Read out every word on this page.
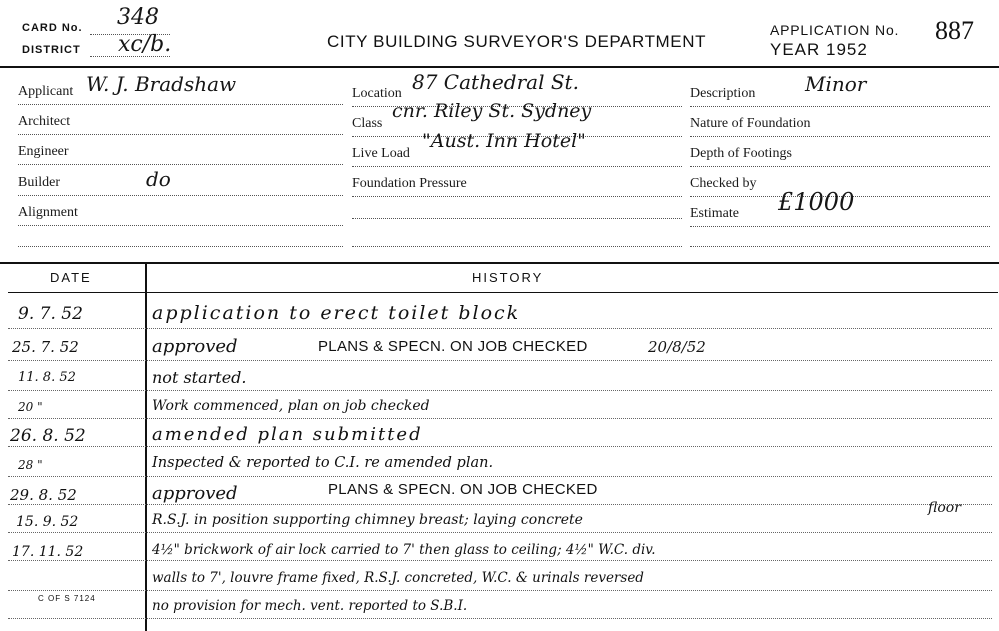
CARD No. 348
DISTRICT xc/b.	CITY BUILDING SURVEYOR'S DEPARTMENT
APPLICATION No.
YEAR 1952
887
Applicant W. J. Bradshaw
Architect
Engineer
Builder	do
Alignment
Location 87 Cathedral St.
Class
cnr. Riley St. Sydney
Live Load
"Aust. Inn Hotel"
Foundation Pressure
Description Minor
Nature of Foundation
Depth of Footings
Checked by
Estimate £1000
DATE	HISTORY
9. 7. 52	application to erect toilet block
25. 7. 52	approved	PLANS & SPECN. ON JOB CHECKED	20/8/52
11. 8. 52	not started.
20 "	Work commenced, plan on job checked
26. 8. 52	amended plan submitted
28 "	Inspected & reported to C.I. re amended plan.
29. 8. 52	approved	PLANS & SPECN. ON JOB CHECKED
floor
15. 9. 52	R.S.J. in position supporting chimney breast; laying concrete
17. 11. 52	4½" brickwork of air lock carried to 7' then glass to ceiling; 4½" W.C. div.
walls to 7', louvre frame fixed, R.S.J. concreted, W.C. & urinals reversed
C OF S 7124	no provision for mech. vent. reported to S.B.I.
